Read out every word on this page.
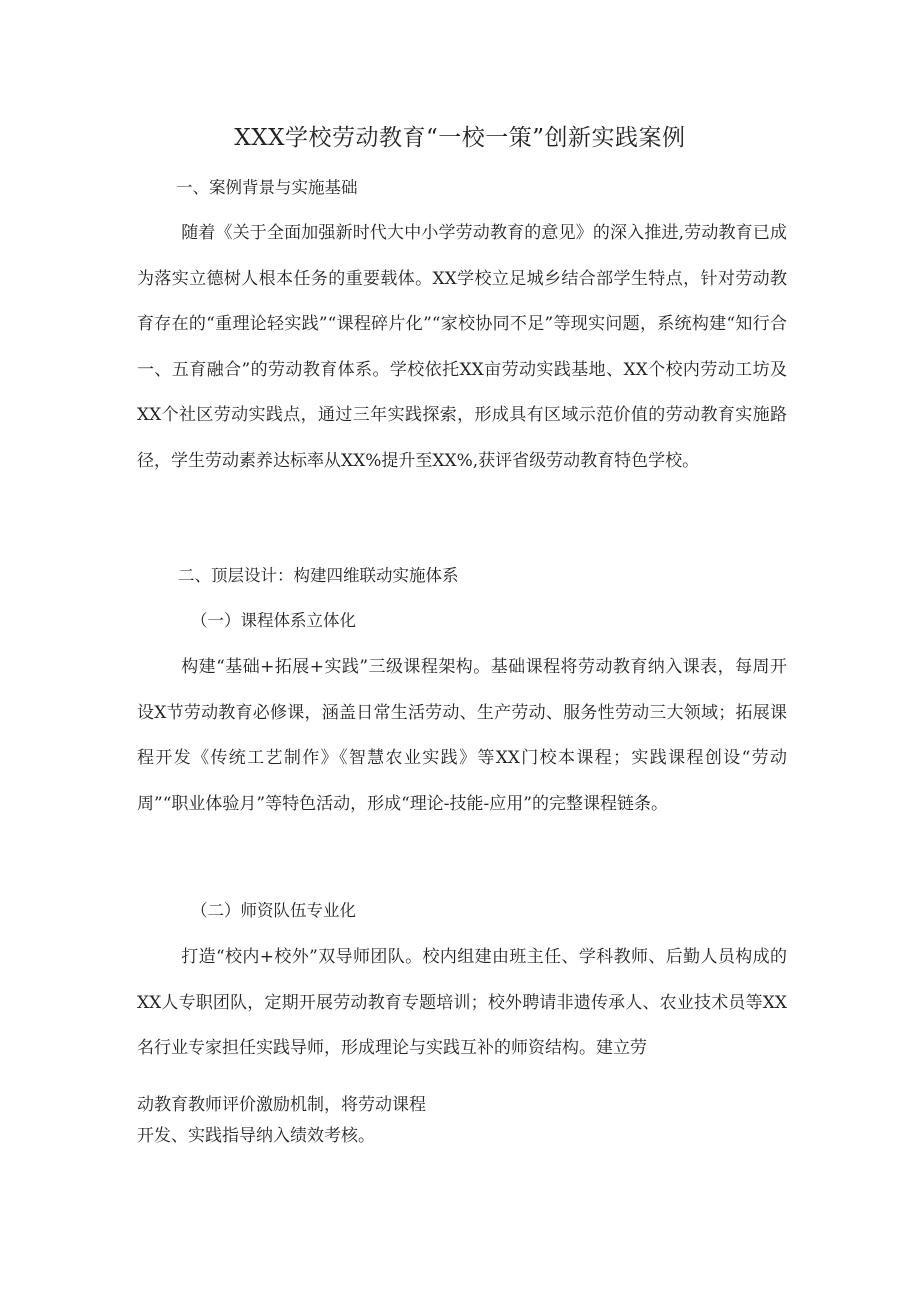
XXX学校劳动教育“一校一策”创新实践案例
一、案例背景与实施基础

随着《关于全面加强新时代大中小学劳动教育的意见》的深入推进,劳动教育已成为落实立德树人根本任务的重要载体。XX学校立足城乡结合部学生特点，针对劳动教育存在的“重理论轻实践”“课程碎片化”“家校协同不足”等现实问题，系统构建“知行合一、五育融合”的劳动教育体系。学校依托XX亩劳动实践基地、XX个校内劳动工坊及XX个社区劳动实践点，通过三年实践探索，形成具有区域示范价值的劳动教育实施路径，学生劳动素养达标率从XX%提升至XX%,获评省级劳动教育特色学校。

二、顶层设计：构建四维联动实施体系
（一）课程体系立体化

构建“基础+拓展+实践”三级课程架构。基础课程将劳动教育纳入课表，每周开设X节劳动教育必修课，涵盖日常生活劳动、生产劳动、服务性劳动三大领域；拓展课程开发《传统工艺制作》《智慧农业实践》等XX门校本课程；实践课程创设“劳动周”“职业体验月”等特色活动，形成“理论-技能-应用”的完整课程链条。

（二）师资队伍专业化

打造“校内+校外”双导师团队。校内组建由班主任、学科教师、后勤人员构成的XX人专职团队，定期开展劳动教育专题培训；校外聘请非遗传承人、农业技术员等XX名行业专家担任实践导师，形成理论与实践互补的师资结构。建立劳

动教育教师评价激励机制，将劳动课程
开发、实践指导纳入绩效考核。
